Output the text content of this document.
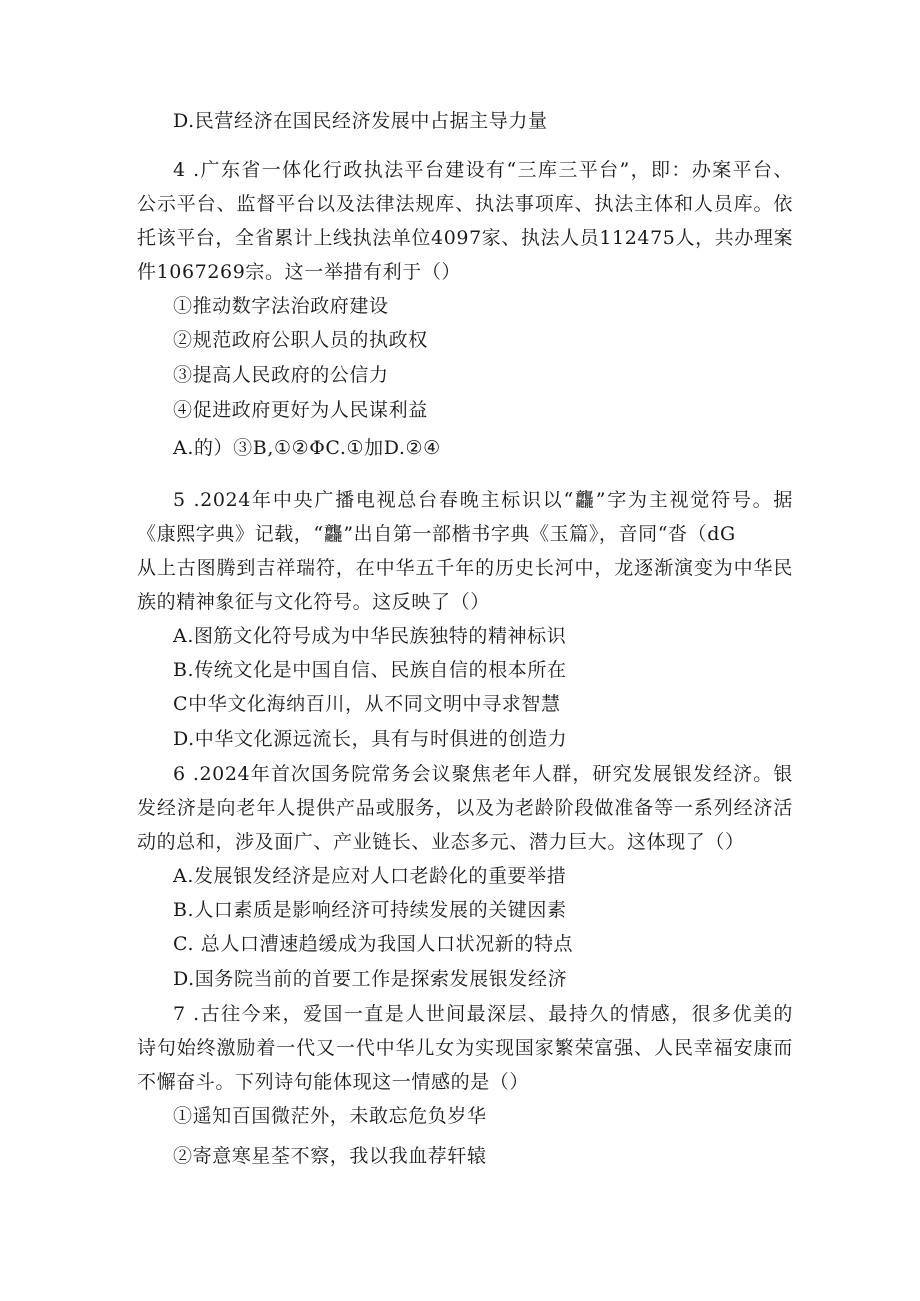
D.民营经济在国民经济发展中占据主导力量
4 .广东省一体化行政执法平台建设有“三库三平台”，即：办案平台、
公示平台、监督平台以及法律法规库、执法事项库、执法主体和人员库。依
托该平台，全省累计上线执法单位4097家、执法人员112475人，共办理案
件1067269宗。这一举措有利于（）
①推动数字法治政府建设
②规范政府公职人员的执政权
③提高人民政府的公信力
④促进政府更好为人民谋利益
A.的）③B,①②ΦC.①加D.②④
5 .2024年中央广播电视总台春晚主标识以“龘”字为主视觉符号。据
《康熙字典》记载，“龘”出自第一部楷书字典《玉篇》，音同“沓（dG
从上古图腾到吉祥瑞符，在中华五千年的历史长河中，龙逐渐演变为中华民
族的精神象征与文化符号。这反映了（）
A.图筋文化符号成为中华民族独特的精神标识
B.传统文化是中国自信、民族自信的根本所在
C中华文化海纳百川，从不同文明中寻求智慧
D.中华文化源远流长，具有与时俱进的创造力
6 .2024年首次国务院常务会议聚焦老年人群，研究发展银发经济。银
发经济是向老年人提供产品或服务，以及为老龄阶段做准备等一系列经济活
动的总和，涉及面广、产业链长、业态多元、潜力巨大。这体现了（）
A.发展银发经济是应对人口老龄化的重要举措
B.人口素质是影响经济可持续发展的关键因素
C. 总人口漕速趋缓成为我国人口状况新的特点
D.国务院当前的首要工作是探索发展银发经济
7 .古往今来，爱国一直是人世间最深层、最持久的情感，很多优美的
诗句始终激励着一代又一代中华儿女为实现国家繁荣富强、人民幸福安康而
不懈奋斗。下列诗句能体现这一情感的是（）
①遥知百国微茫外，未敢忘危负岁华
②寄意寒星荃不察，我以我血荐轩辕
